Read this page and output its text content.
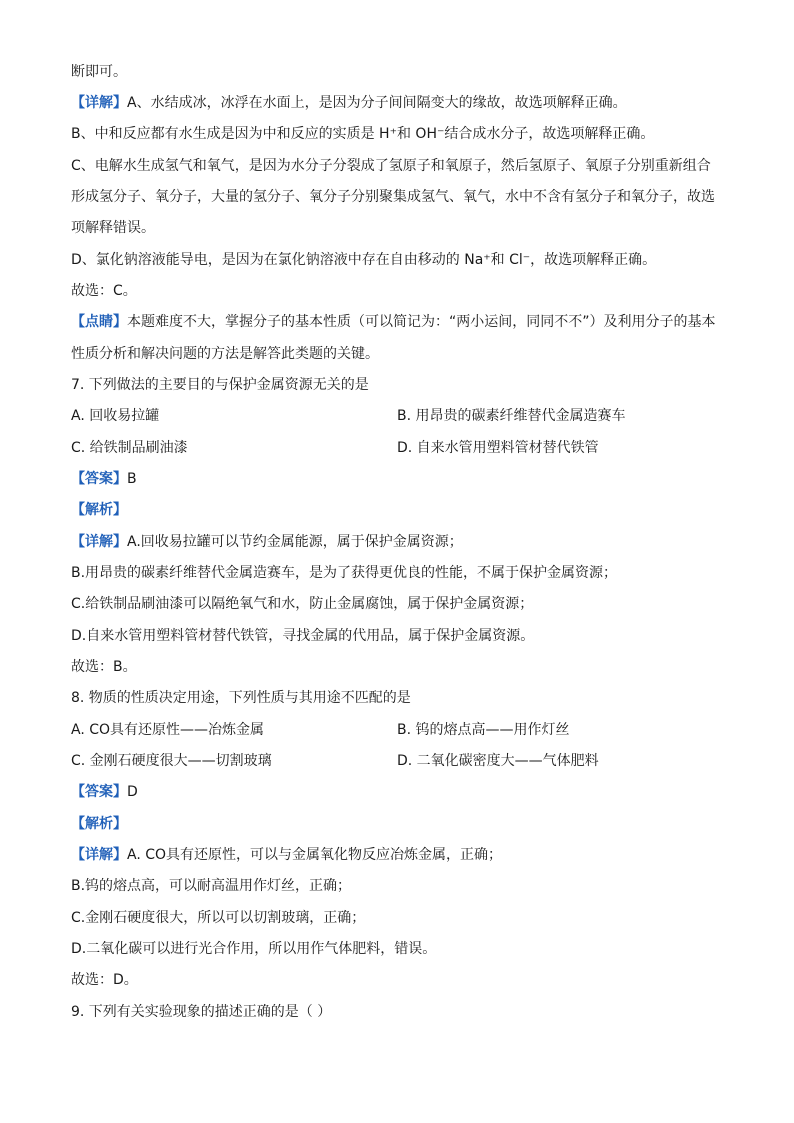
断即可。
【详解】A、水结成冰，冰浮在水面上，是因为分子间间隔变大的缘故，故选项解释正确。
B、中和反应都有水生成是因为中和反应的实质是 H⁺和 OH⁻结合成水分子，故选项解释正确。
C、电解水生成氢气和氧气，是因为水分子分裂成了氢原子和氧原子，然后氢原子、氧原子分别重新组合
形成氢分子、氧分子，大量的氢分子、氧分子分别聚集成氢气、氧气，水中不含有氢分子和氧分子，故选
项解释错误。
D、氯化钠溶液能导电，是因为在氯化钠溶液中存在自由移动的 Na⁺和 Cl⁻，故选项解释正确。
故选：C。
【点睛】本题难度不大，掌握分子的基本性质（可以简记为：“两小运间，同同不不”）及利用分子的基本
性质分析和解决问题的方法是解答此类题的关键。
7. 下列做法的主要目的与保护金属资源无关的是
A. 回收易拉罐	B. 用昂贵的碳素纤维替代金属造赛车
C. 给铁制品刷油漆	D. 自来水管用塑料管材替代铁管
【答案】B
【解析】
【详解】A.回收易拉罐可以节约金属能源，属于保护金属资源；
B.用昂贵的碳素纤维替代金属造赛车，是为了获得更优良的性能，不属于保护金属资源；
C.给铁制品刷油漆可以隔绝氧气和水，防止金属腐蚀，属于保护金属资源；
D.自来水管用塑料管材替代铁管，寻找金属的代用品，属于保护金属资源。
故选：B。
8. 物质的性质决定用途，下列性质与其用途不匹配的是
A. CO具有还原性——冶炼金属	B. 钨的熔点高——用作灯丝
C. 金刚石硬度很大——切割玻璃	D. 二氧化碳密度大——气体肥料
【答案】D
【解析】
【详解】A. CO具有还原性，可以与金属氧化物反应冶炼金属，正确；
B.钨的熔点高，可以耐高温用作灯丝，正确；
C.金刚石硬度很大，所以可以切割玻璃，正确；
D.二氧化碳可以进行光合作用，所以用作气体肥料，错误。
故选：D。
9. 下列有关实验现象的描述正确的是（ ）
